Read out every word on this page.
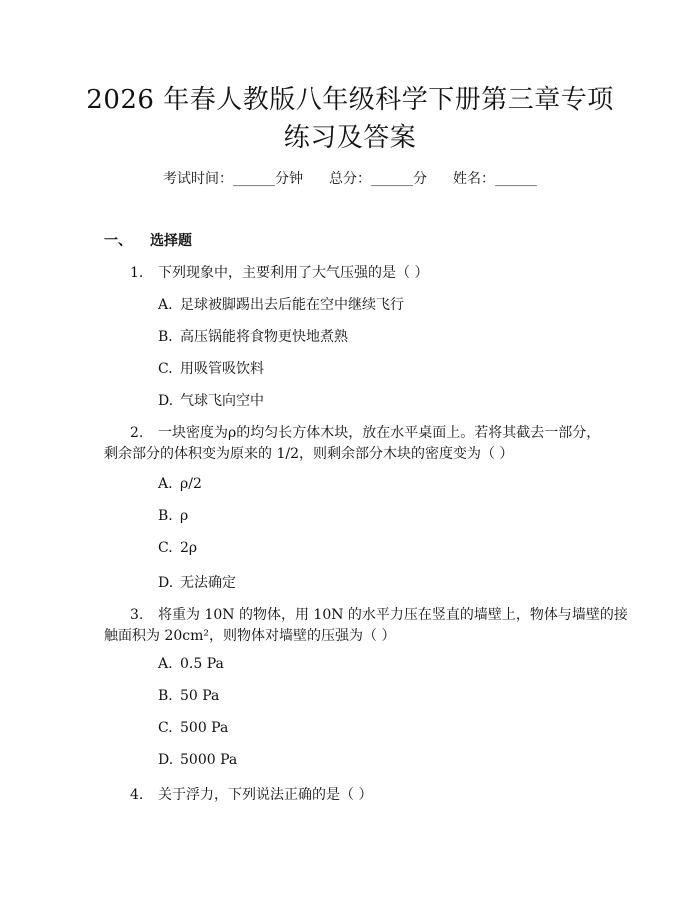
2026 年春人教版八年级科学下册第三章专项
练习及答案
考试时间：______分钟 总分：______分 姓名：______
一、 选择题
1. 下列现象中，主要利用了大气压强的是（ ）
A. 足球被脚踢出去后能在空中继续飞行
B. 高压锅能将食物更快地煮熟
C. 用吸管吸饮料
D. 气球飞向空中
2. 一块密度为ρ的均匀长方体木块，放在水平桌面上。若将其截去一部分，
剩余部分的体积变为原来的 1/2，则剩余部分木块的密度变为（ ）
A. ρ/2
B. ρ
C. 2ρ
D. 无法确定
3. 将重为 10N 的物体，用 10N 的水平力压在竖直的墙壁上，物体与墙壁的接
触面积为 20cm²，则物体对墙壁的压强为（ ）
A. 0.5 Pa
B. 50 Pa
C. 500 Pa
D. 5000 Pa
4. 关于浮力，下列说法正确的是（ ）
